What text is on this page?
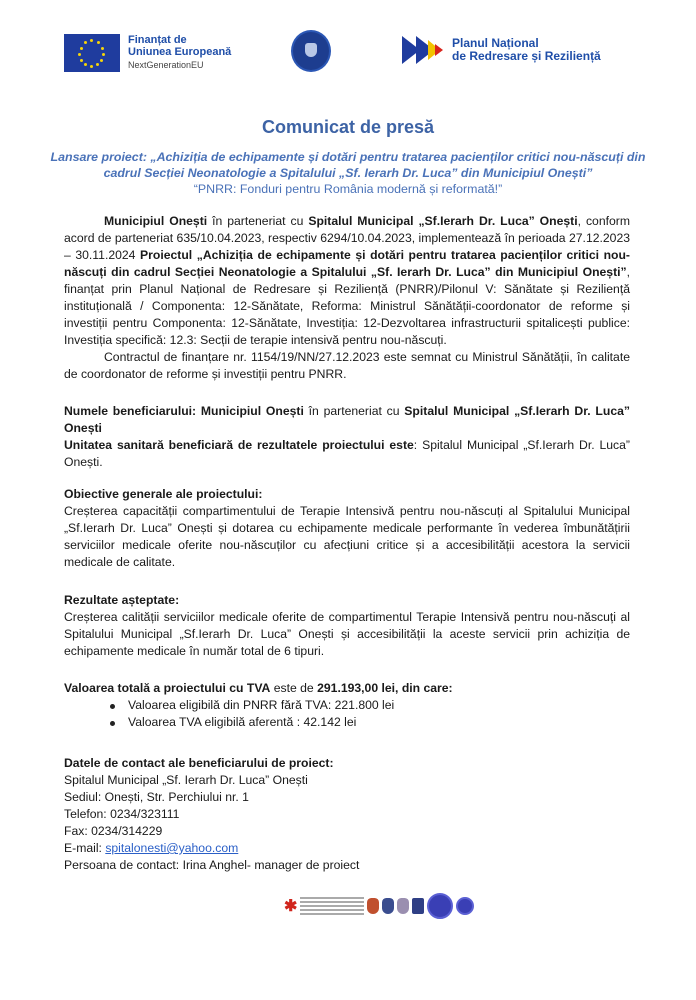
Finanțat de
Uniunea Europeană
NextGenerationEU
Planul Național
de Redresare și Reziliență
Comunicat de presă
Lansare proiect: „Achiziția de echipamente și dotări pentru tratarea pacienților critici nou-născuți din cadrul Secției Neonatologie a Spitalului „Sf. Ierarh Dr. Luca” din Municipiul Onești”
“PNRR: Fonduri pentru România modernă și reformată!”

Municipiul Onești în parteneriat cu Spitalul Municipal „Sf.Ierarh Dr. Luca” Onești, conform acord de parteneriat 635/10.04.2023, respectiv 6294/10.04.2023, implementează în perioada 27.12.2023 – 30.11.2024 Proiectul „Achiziția de echipamente și dotări pentru tratarea pacienților critici nou-născuți din cadrul Secției Neonatologie a Spitalului „Sf. Ierarh Dr. Luca” din Municipiul Onești”, finanțat prin Planul Național de Redresare și Reziliență (PNRR)/Pilonul V: Sănătate și Reziliență instituțională / Componenta: 12-Sănătate, Reforma: Ministrul Sănătății-coordonator de reforme și investiții pentru Componenta: 12-Sănătate, Investiția: 12-Dezvoltarea infrastructurii spitalicești publice: Investiția specifică: 12.3: Secții de terapie intensivă pentru nou-născuți.

Contractul de finanțare nr. 1154/19/NN/27.12.2023 este semnat cu Ministrul Sănătății, în calitate de coordonator de reforme și investiții pentru PNRR.

Numele beneficiarului: Municipiul Onești în parteneriat cu Spitalul Municipal „Sf.Ierarh Dr. Luca” Onești
Unitatea sanitară beneficiară de rezultatele proiectului este: Spitalul Municipal „Sf.Ierarh Dr. Luca” Onești.

Obiective generale ale proiectului:

Creșterea capacității compartimentului de Terapie Intensivă pentru nou-născuți al Spitalului Municipal „Sf.Ierarh Dr. Luca” Onești și dotarea cu echipamente medicale performante în vederea îmbunătățirii serviciilor medicale oferite nou-născuților cu afecțiuni critice și a accesibilității acestora la servicii medicale de calitate.

Rezultate așteptate:

Creșterea calității serviciilor medicale oferite de compartimentul Terapie Intensivă pentru nou-născuți al Spitalului Municipal „Sf.Ierarh Dr. Luca” Onești și accesibilității la aceste servicii prin achiziția de echipamente medicale în număr total de 6 tipuri.

Valoarea totală a proiectului cu TVA este de 291.193,00 lei, din care:

Valoarea eligibilă din PNRR fără TVA: 221.800 lei
Valoarea TVA eligibilă aferentă : 42.142 lei

Datele de contact ale beneficiarului de proiect:

Spitalul Municipal „Sf. Ierarh Dr. Luca” Onești

Sediul: Onești, Str. Perchiului nr. 1

Telefon: 0234/323111

Fax: 0234/314229

E-mail: spitalonesti@yahoo.com

Persoana de contact: Irina Anghel- manager de proiect

✱
